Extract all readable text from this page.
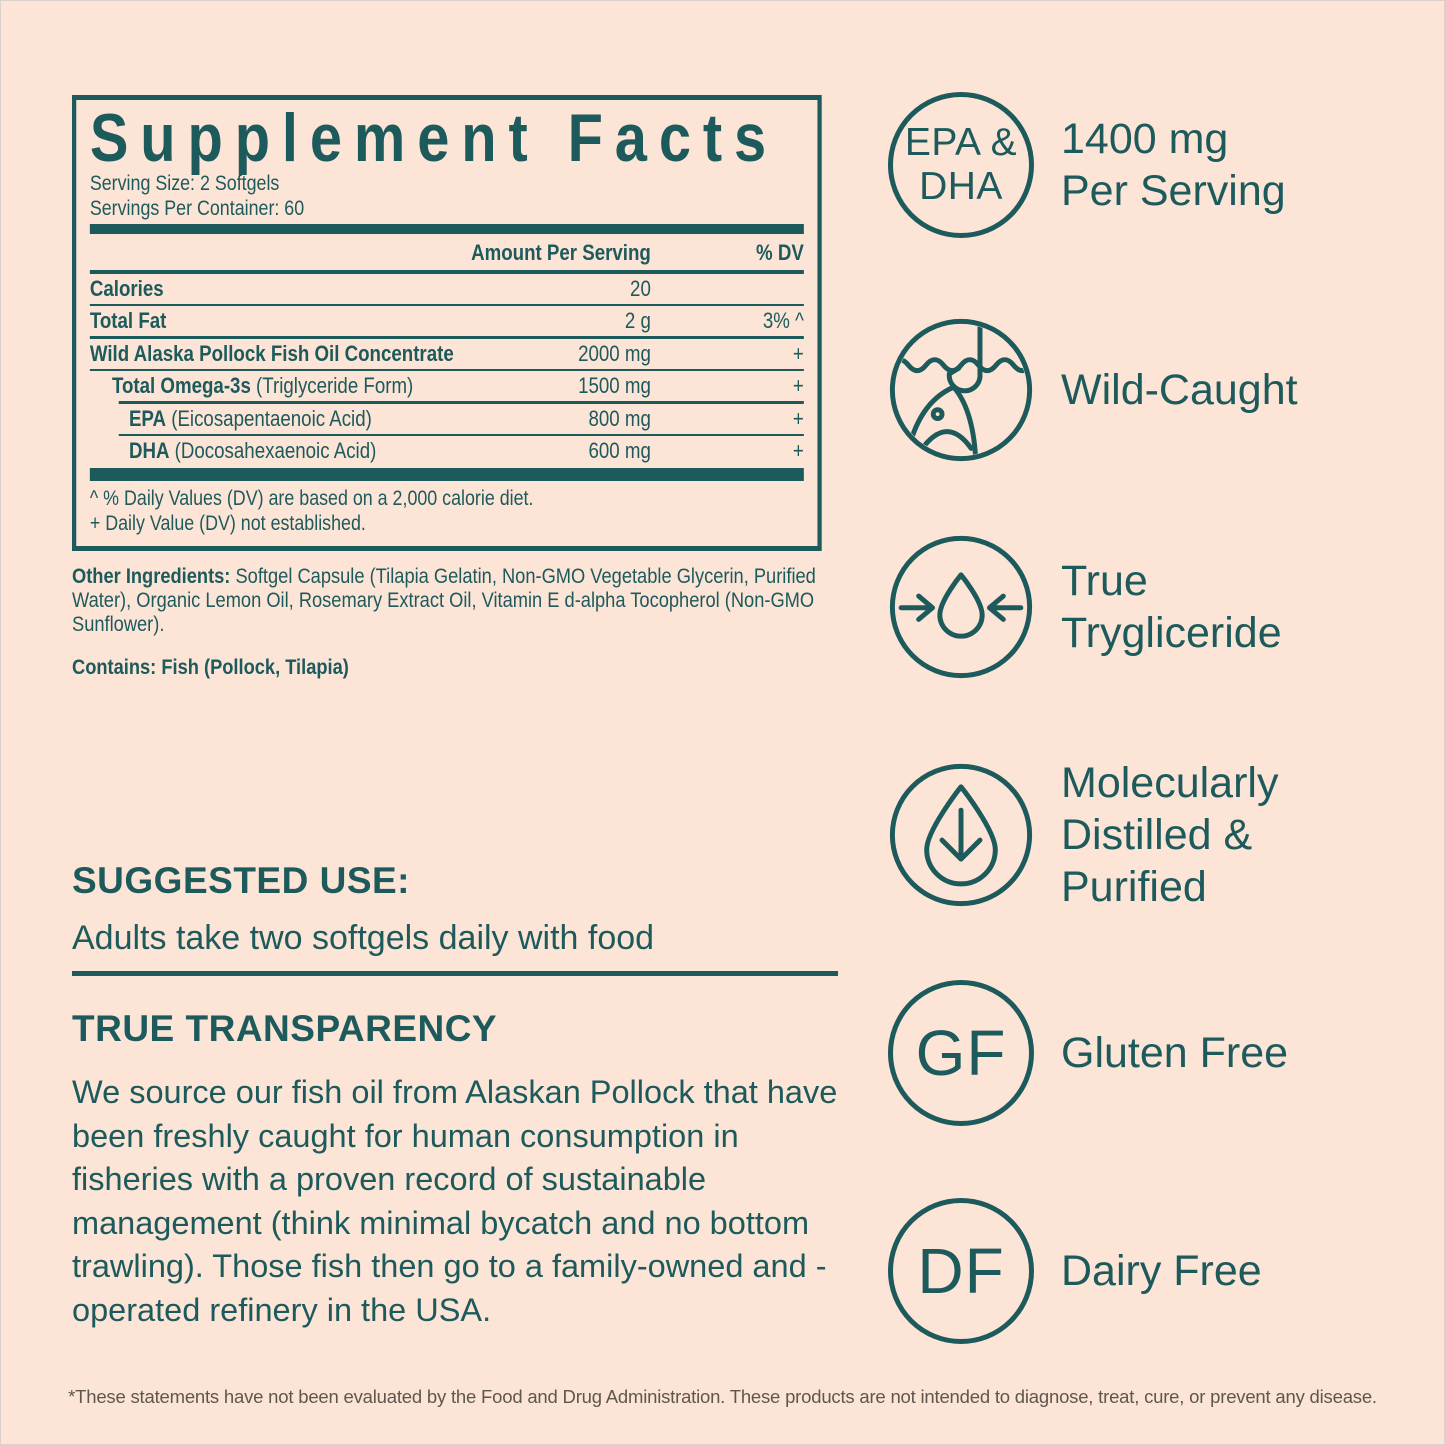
Supplement Facts
Serving Size: 2 Softgels
Servings Per Container: 60
Amount Per Serving	% DV
Calories	20
Total Fat	2 g	3% ^
Wild Alaska Pollock Fish Oil Concentrate	2000 mg	+
Total Omega-3s (Triglyceride Form)	1500 mg	+
EPA (Eicosapentaenoic Acid)	800 mg	+
DHA (Docosahexaenoic Acid)	600 mg	+
^ % Daily Values (DV) are based on a 2,000 calorie diet.
+ Daily Value (DV) not established.

Other Ingredients: Softgel Capsule (Tilapia Gelatin, Non-GMO Vegetable Glycerin, Purified Water), Organic Lemon Oil, Rosemary Extract Oil, Vitamin E d-alpha Tocopherol (Non-GMO Sunflower).

Contains: Fish (Pollock, Tilapia)

SUGGESTED USE:

Adults take two softgels daily with food

TRUE TRANSPARENCY

We source our fish oil from Alaskan Pollock that have been freshly caught for human consumption in fisheries with a proven record of sustainable management (think minimal bycatch and no bottom trawling). Those fish then go to a family-owned and -operated refinery in the USA.

EPA &
DHA
1400 mg
Per Serving
Wild-Caught
True
Trygliceride
Molecularly
Distilled &
Purified
GF Gluten Free
DF Dairy Free
*These statements have not been evaluated by the Food and Drug Administration. These products are not intended to diagnose, treat, cure, or prevent any disease.
